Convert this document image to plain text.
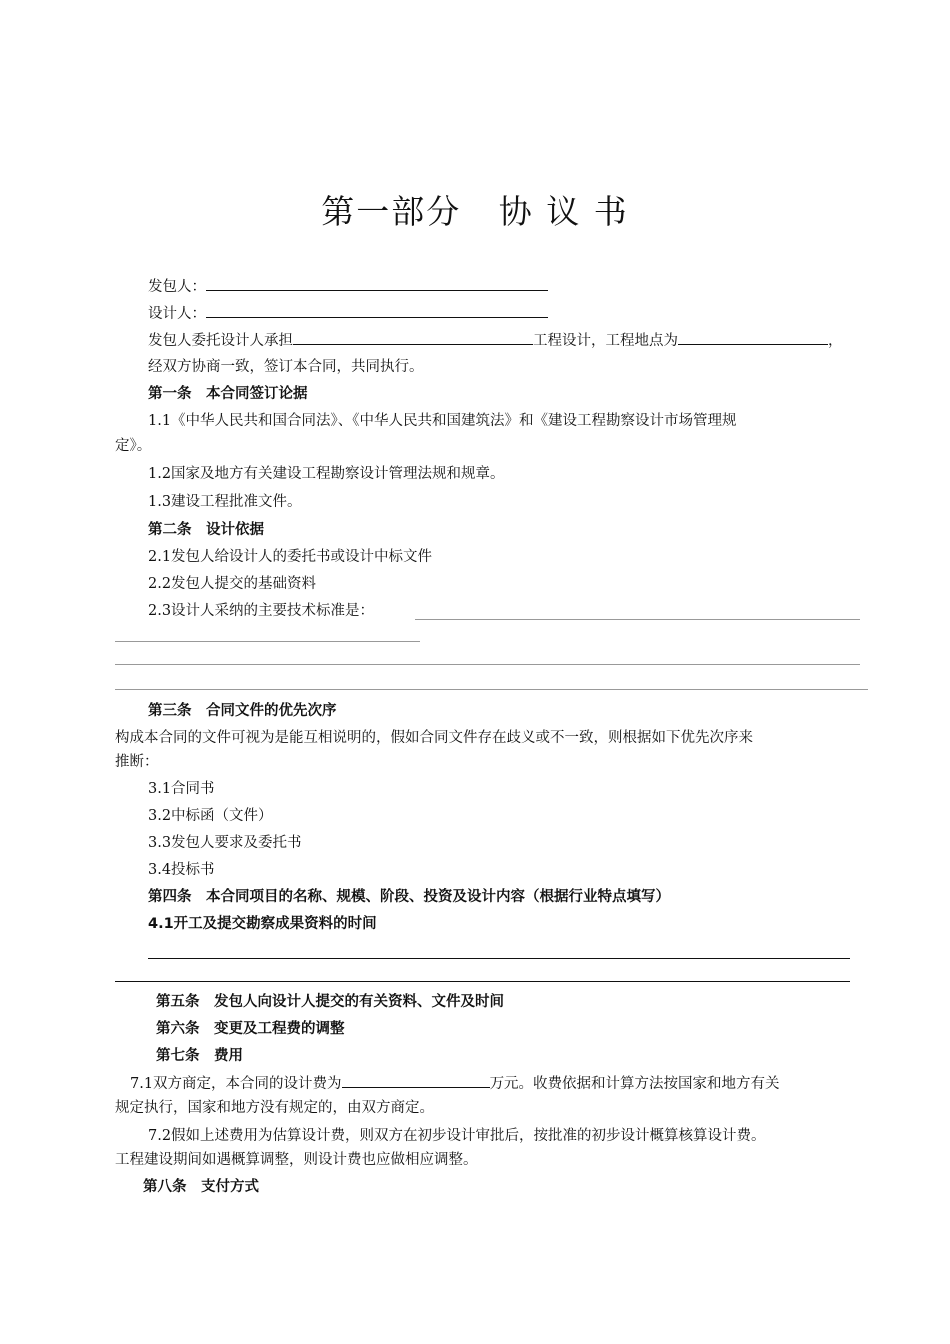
第一部分 协 议 书
发包人：
设计人：
发包人委托设计人承担	工程设计，工程地点为	，
经双方协商一致，签订本合同，共同执行。
第一条　本合同签订论据
1.1《中华人民共和国合同法》、《中华人民共和国建筑法》和《建设工程勘察设计市场管理规
定》。
1.2国家及地方有关建设工程勘察设计管理法规和规章。
1.3建设工程批准文件。
第二条　设计依据
2.1发包人给设计人的委托书或设计中标文件
2.2发包人提交的基础资料
2.3设计人采纳的主要技术标准是：
第三条　合同文件的优先次序
构成本合同的文件可视为是能互相说明的，假如合同文件存在歧义或不一致，则根据如下优先次序来
推断：
3.1合同书
3.2中标函（文件）
3.3发包人要求及委托书
3.4投标书
第四条　本合同项目的名称、规模、阶段、投资及设计内容（根据行业特点填写）
4.1开工及提交勘察成果资料的时间
第五条　发包人向设计人提交的有关资料、文件及时间
第六条　变更及工程费的调整
第七条　费用
7.1双方商定，本合同的设计费为	万元。收费依据和计算方法按国家和地方有关
规定执行，国家和地方没有规定的，由双方商定。
7.2假如上述费用为估算设计费，则双方在初步设计审批后，按批准的初步设计概算核算设计费。
工程建设期间如遇概算调整，则设计费也应做相应调整。
第八条　支付方式
